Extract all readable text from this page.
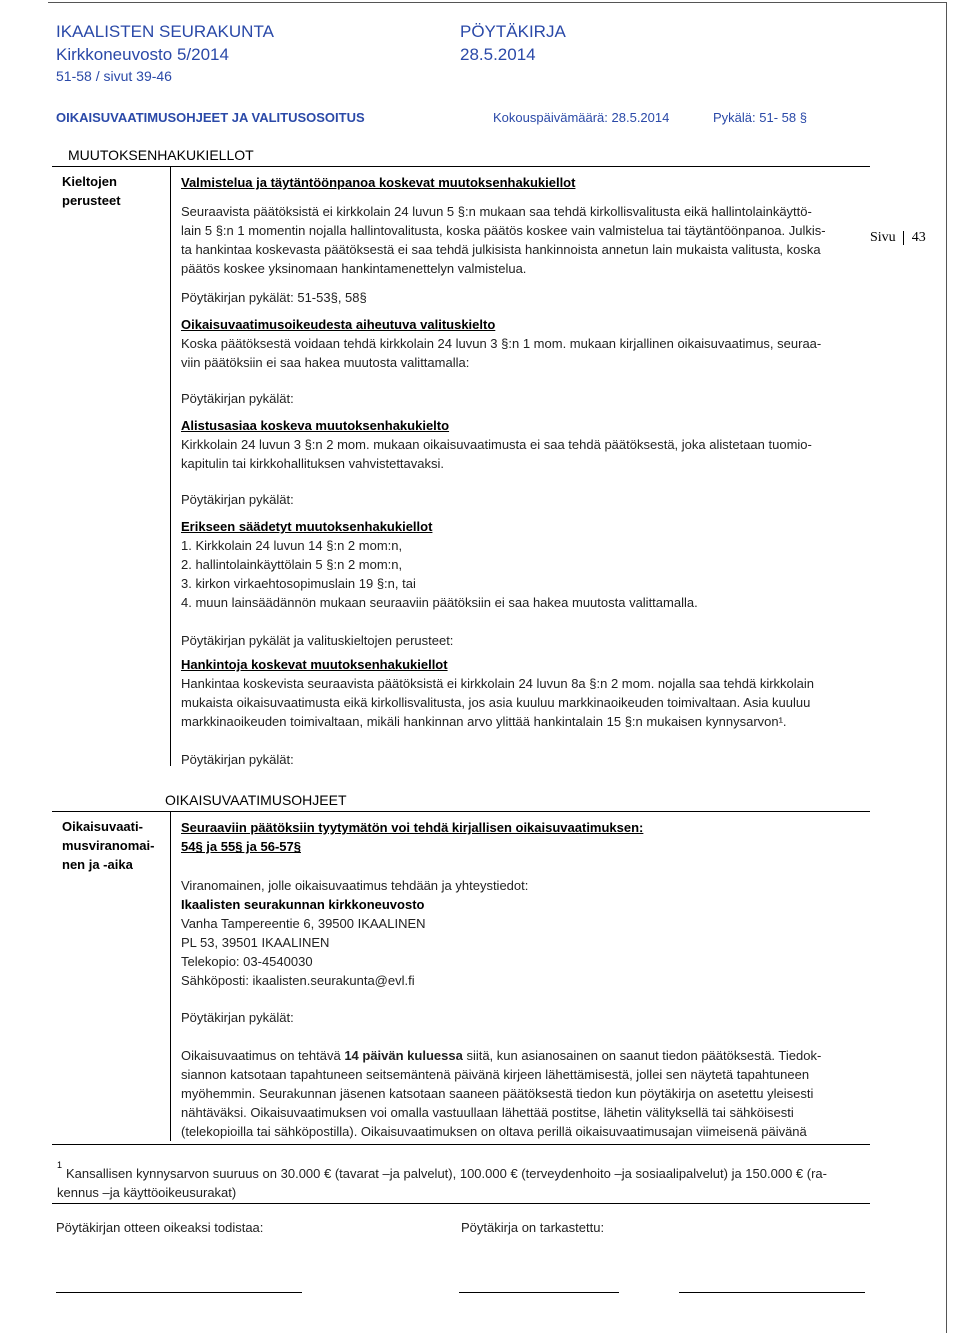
IKAALISTEN SEURAKUNTA	PÖYTÄKIRJA
Kirkkoneuvosto 5/2014	28.5.2014
51-58 / sivut 39-46
OIKAISUVAATIMUSOHJEET JA VALITUSOSOITUS	Kokouspäivämäärä: 28.5.2014	Pykälä: 51- 58 §
Sivu 43
MUUTOKSENHAKUKIELLOT
Kieltojen
perusteet
Valmistelua ja täytäntöönpanoa koskevat muutoksenhakukiellot
Seuraavista päätöksistä ei kirkkolain 24 luvun 5 §:n mukaan saa tehdä kirkollisvalitusta eikä hallintolainkäyttö-
lain 5 §:n 1 momentin nojalla hallintovalitusta, koska päätös koskee vain valmistelua tai täytäntöönpanoa. Julkis-
ta hankintaa koskevasta päätöksestä ei saa tehdä julkisista hankinnoista annetun lain mukaista valitusta, koska
päätös koskee yksinomaan hankintamenettelyn valmistelua.
Pöytäkirjan pykälät: 51-53§, 58§
Oikaisuvaatimusoikeudesta aiheutuva valituskielto
Koska päätöksestä voidaan tehdä kirkkolain 24 luvun 3 §:n 1 mom. mukaan kirjallinen oikaisuvaatimus, seuraa-
viin päätöksiin ei saa hakea muutosta valittamalla:
Pöytäkirjan pykälät:
Alistusasiaa koskeva muutoksenhakukielto
Kirkkolain 24 luvun 3 §:n 2 mom. mukaan oikaisuvaatimusta ei saa tehdä päätöksestä, joka alistetaan tuomio-
kapitulin tai kirkkohallituksen vahvistettavaksi.
Pöytäkirjan pykälät:
Erikseen säädetyt muutoksenhakukiellot
1. Kirkkolain 24 luvun 14 §:n 2 mom:n,
2. hallintolainkäyttölain 5 §:n 2 mom:n,
3. kirkon virkaehtosopimuslain 19 §:n, tai
4. muun lainsäädännön mukaan seuraaviin päätöksiin ei saa hakea muutosta valittamalla.
Pöytäkirjan pykälät ja valituskieltojen perusteet:
Hankintoja koskevat muutoksenhakukiellot
Hankintaa koskevista seuraavista päätöksistä ei kirkkolain 24 luvun 8a §:n 2 mom. nojalla saa tehdä kirkkolain
mukaista oikaisuvaatimusta eikä kirkollisvalitusta, jos asia kuuluu markkinaoikeuden toimivaltaan. Asia kuuluu
markkinaoikeuden toimivaltaan, mikäli hankinnan arvo ylittää hankintalain 15 §:n mukaisen kynnysarvon¹.
Pöytäkirjan pykälät:
OIKAISUVAATIMUSOHJEET
Oikaisuvaati-
musviranomai-
nen ja -aika
Seuraaviin päätöksiin tyytymätön voi tehdä kirjallisen oikaisuvaatimuksen:
54§ ja 55§ ja 56-57§
Viranomainen, jolle oikaisuvaatimus tehdään ja yhteystiedot:
Ikaalisten seurakunnan kirkkoneuvosto
Vanha Tampereentie 6, 39500 IKAALINEN
PL 53, 39501 IKAALINEN
Telekopio: 03-4540030
Sähköposti: ikaalisten.seurakunta@evl.fi
Pöytäkirjan pykälät:
Oikaisuvaatimus on tehtävä 14 päivän kuluessa siitä, kun asianosainen on saanut tiedon päätöksestä. Tiedok-
siannon katsotaan tapahtuneen seitsemäntenä päivänä kirjeen lähettämisestä, jollei sen näytetä tapahtuneen
myöhemmin. Seurakunnan jäsenen katsotaan saaneen päätöksestä tiedon kun pöytäkirja on asetettu yleisesti
nähtäväksi. Oikaisuvaatimuksen voi omalla vastuullaan lähettää postitse, lähetin välityksellä tai sähköisesti
(telekopioilla tai sähköpostilla). Oikaisuvaatimuksen on oltava perillä oikaisuvaatimusajan viimeisenä päivänä
1
Kansallisen kynnysarvon suuruus on 30.000 € (tavarat –ja palvelut), 100.000 € (terveydenhoito –ja sosiaalipalvelut) ja 150.000 € (ra-
kennus –ja käyttöoikeusurakat)
Pöytäkirjan otteen oikeaksi todistaa:	Pöytäkirja on tarkastettu:
